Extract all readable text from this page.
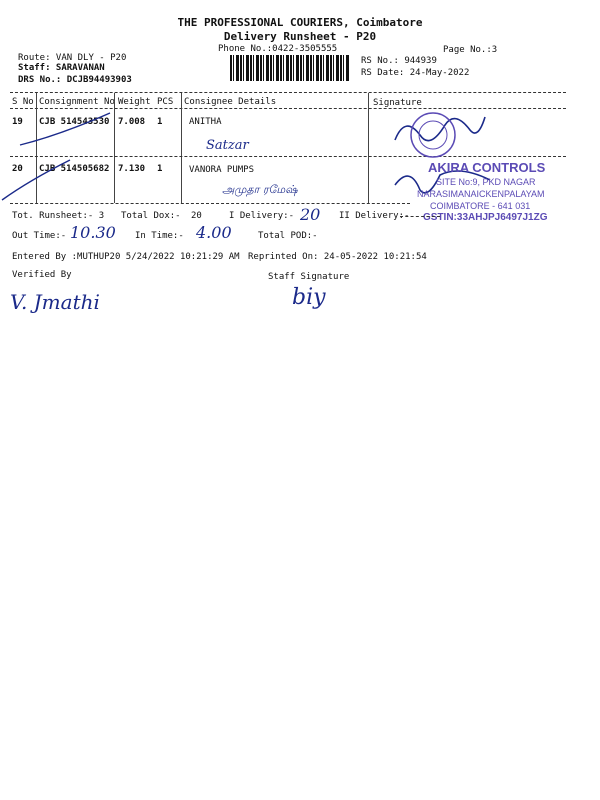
THE PROFESSIONAL COURIERS, Coimbatore
Delivery Runsheet - P20
Phone No.:0422-3505555	Page No.:3
Route: VAN DLY - P20
Staff: SARAVANAN
DRS No.: DCJB94493903
RS No.: 944939
RS Date: 24-May-2022
S No Consignment No Weight PCS Consignee Details	Signature
19 CJB 514543530 7.008 1	ANITHA
Satzar
20 CJB 514505682 7.130 1	VANORA PUMPS
அமுதா ரமேஷ்
AKIRA CONTROLS
SITE No:9, PKD NAGAR
NARASIMANAICKENPALAYAM
COIMBATORE - 641 031
GSTIN:33AHJPJ6497J1ZG
Tot. Runsheet:- 3 Total Dox:- 20	I Delivery:- 20 II Delivery:-
Out Time:- 10.30 In Time:- 4.00	Total POD:-
Entered By :MUTHUP20 5/24/2022 10:21:29 AM Reprinted On: 24-05-2022 10:21:54
Verified By	Staff Signature
V. Jmathi	biy
